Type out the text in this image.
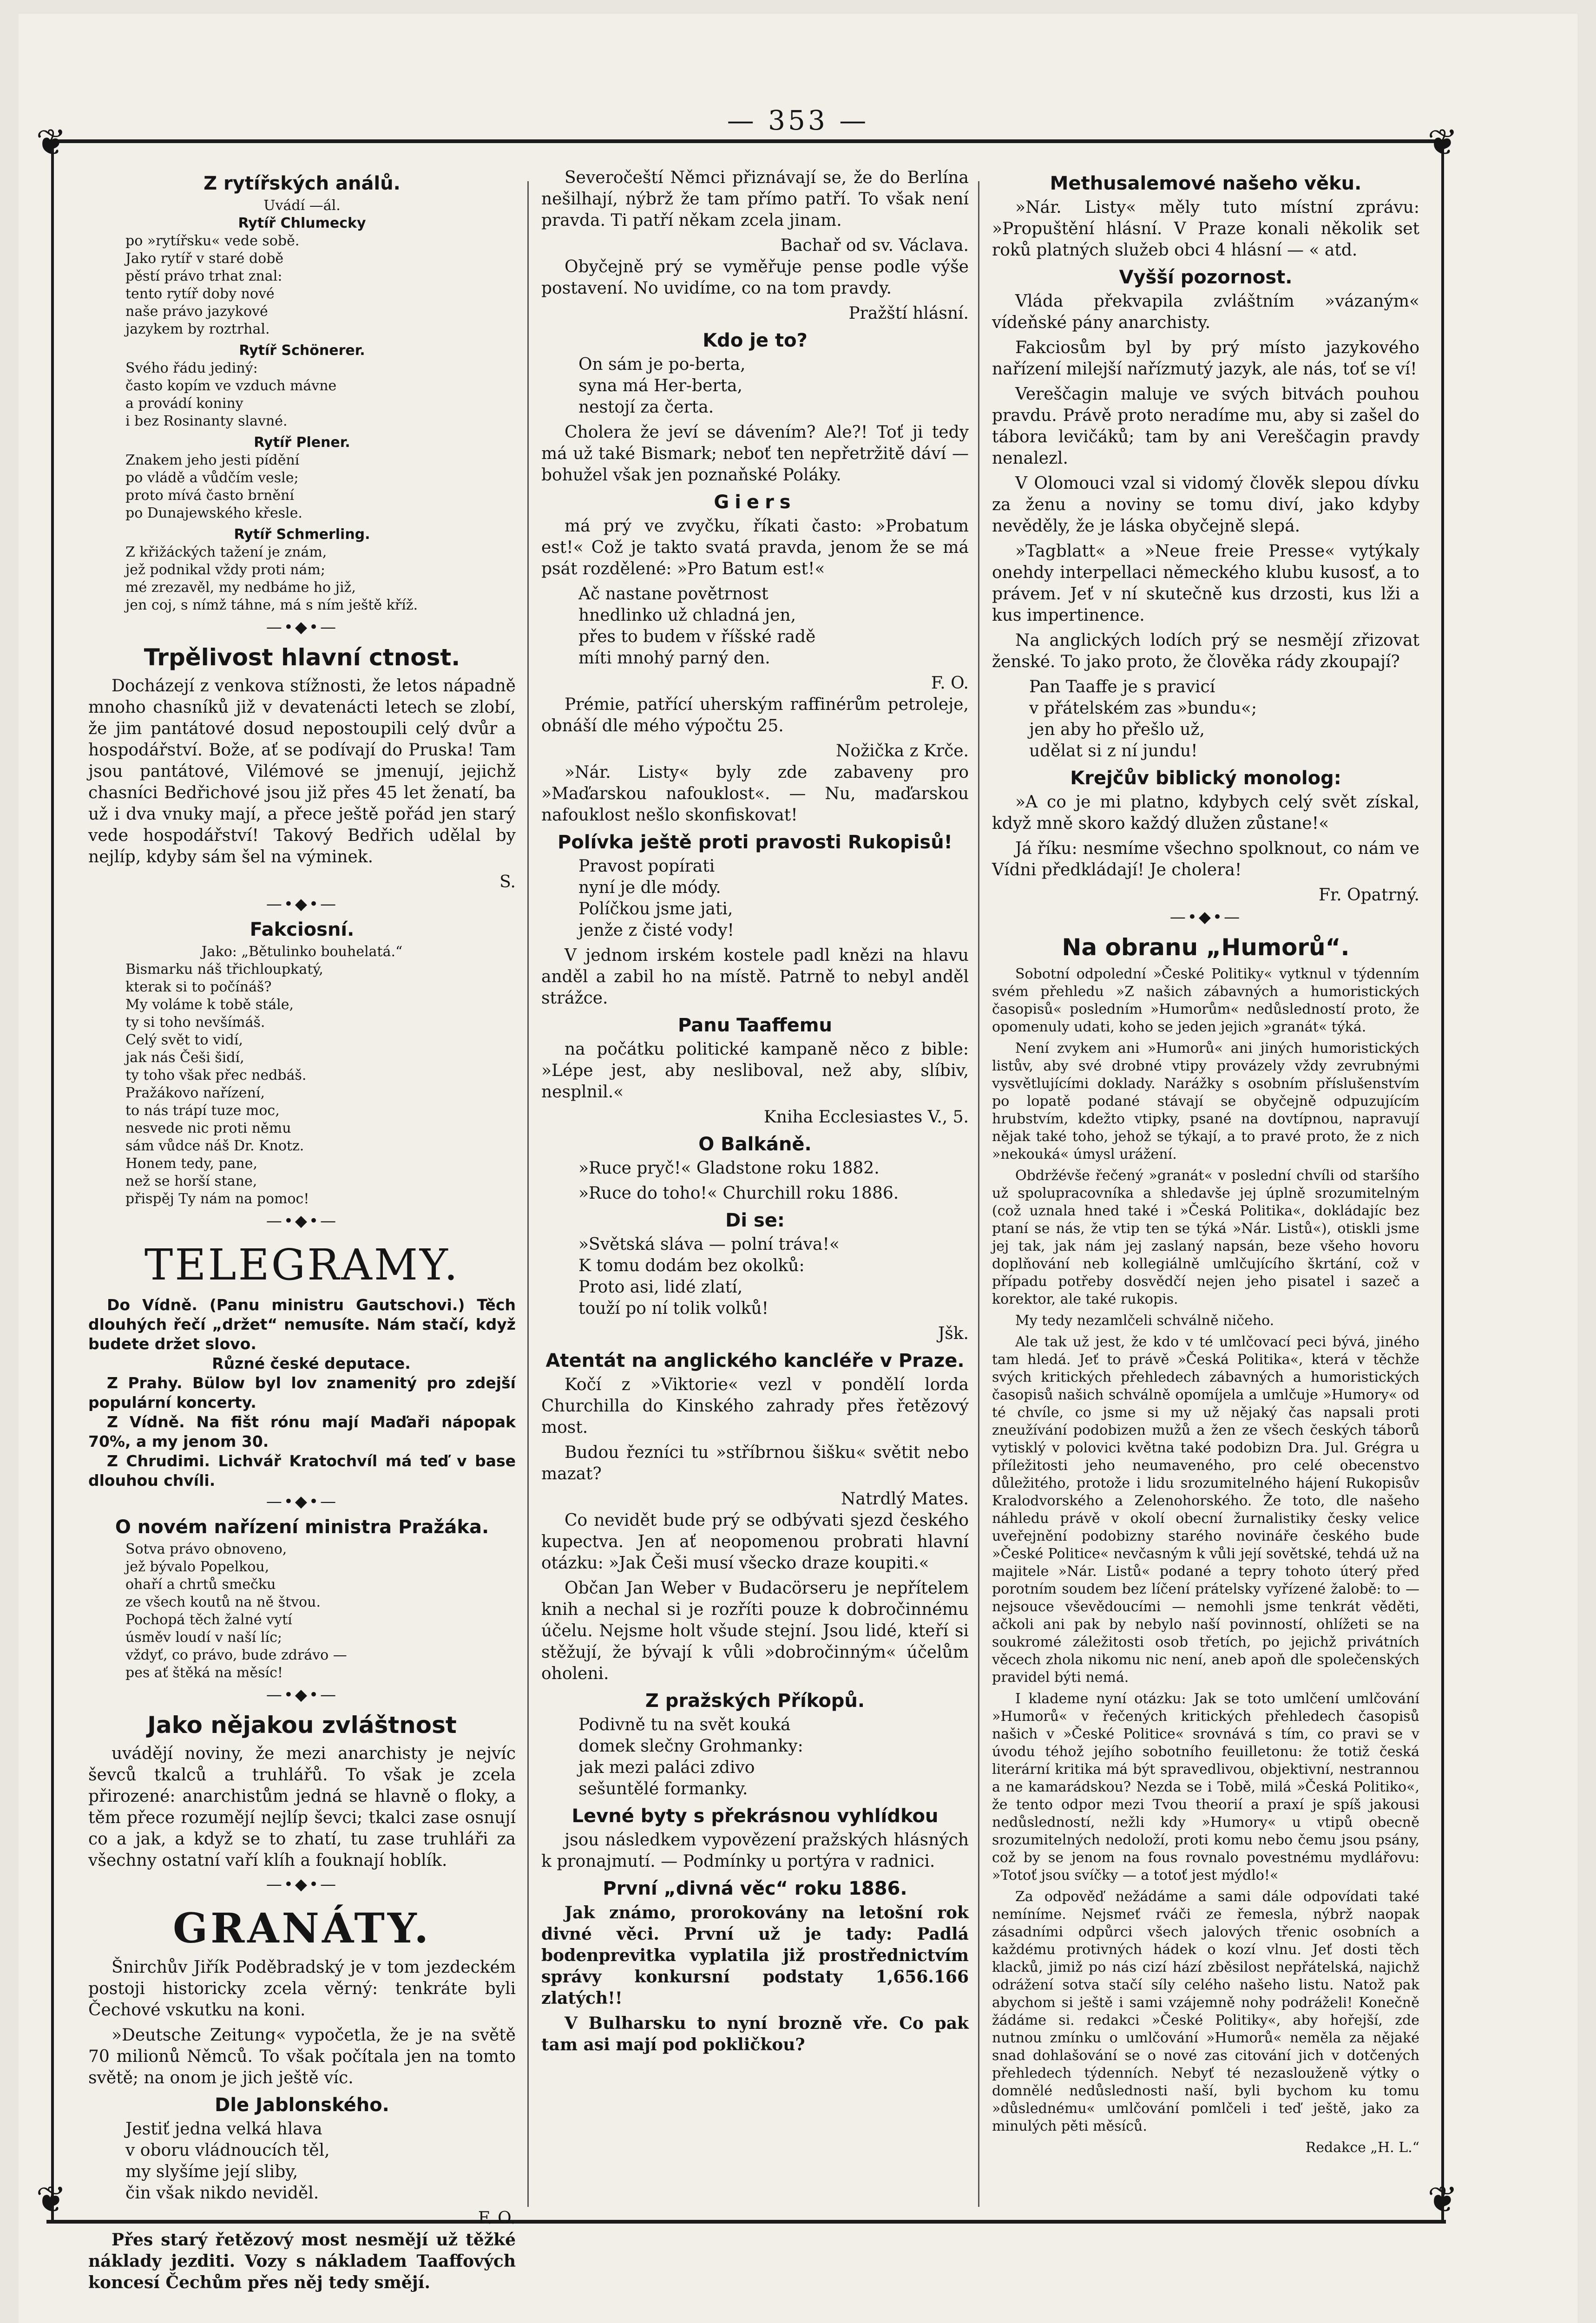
— 353 —
❦	❦
❦	❦
Z rytířských análů.
Uvádí —ál.
Rytíř Chlumecky
po »rytířsku« vede sobě.
Jako rytíř v staré době
pěstí právo trhat znal:
tento rytíř doby nové
naše právo jazykové
jazykem by roztrhal.
Rytíř Schönerer.
Svého řádu jediný:
často kopím ve vzduch mávne
a provádí koniny
i bez Rosinanty slavné.
Rytíř Plener.
Znakem jeho jesti pídění
po vládě a vůdčím vesle;
proto mívá často brnění
po Dunajewského křesle.
Rytíř Schmerling.
Z křižáckých tažení je znám,
jež podnikal vždy proti nám;
mé zrezavěl, my nedbáme ho již,
jen coj, s nímž táhne, má s ním ještě kříž.
—•◆•—
Trpělivost hlavní ctnost.

Docházejí z venkova stížnosti, že letos nápadně mnoho chasníků již v devatenácti letech se zlobí, že jim pantátové dosud nepostoupili celý dvůr a hospodářství. Bože, ať se podívají do Pruska! Tam jsou pantátové, Vilémové se jmenují, jejichž chasníci Bedřichové jsou již přes 45 let ženatí, ba už i dva vnuky mají, a přece ještě pořád jen starý vede hospodářství! Takový Bedřich udělal by nejlíp, kdyby sám šel na výminek.

S.
—•◆•—
Fakciosní.
Jako: „Bětulinko bouhelatá.“
Bismarku náš třichloupkatý,
kterak si to počínáš?
My voláme k tobě stále,
ty si toho nevšímáš.
Celý svět to vidí,
jak nás Češi šidí,
ty toho však přec nedbáš.
Pražákovo nařízení,
to nás trápí tuze moc,
nesvede nic proti němu
sám vůdce náš Dr. Knotz.
Honem tedy, pane,
než se horší stane,
přispěj Ty nám na pomoc!
—•◆•—
TELEGRAMY.

Do Vídně. (Panu ministru Gautschovi.) Těch dlouhých řečí „držet“ nemusíte. Nám stačí, když budete držet slovo.

Různé české deputace.

Z Prahy. Bülow byl lov znamenitý pro zdejší populární koncerty.

Z Vídně. Na fišt rónu mají Maďaři nápopak 70%, a my jenom 30.

Z Chrudimi. Lichvář Kratochvíl má teď v base dlouhou chvíli.

—•◆•—
O novém nařízení ministra Pražáka.
Sotva právo obnoveno,
jež bývalo Popelkou,
ohaří a chrtů smečku
ze všech koutů na ně štvou.
Pochopá těch žalné vytí
úsměv loudí v naší líc;
vždyť, co právo, bude zdrávo —
pes ať štěká na měsíc!
—•◆•—
Jako nějakou zvláštnost

uvádějí noviny, že mezi anarchisty je nejvíc ševců tkalců a truhlářů. To však je zcela přirozené: anarchistům jedná se hlavně o floky, a těm přece rozumějí nejlíp ševci; tkalci zase osnují co a jak, a když se to zhatí, tu zase truhláři za všechny ostatní vaří klíh a fouknají hoblík.

—•◆•—
GRANÁTY.

Šnirchův Jiřík Poděbradský je v tom jezdeckém postoji historicky zcela věrný: tenkráte byli Čechové vskutku na koni.

»Deutsche Zeitung« vypočetla, že je na světě 70 milionů Němců. To však počítala jen na tomto světě; na onom je jich ještě víc.

Dle Jablonského.
Jestiť jedna velká hlava
v oboru vládnoucích těl,
my slyšíme její sliby,
čin však nikdo neviděl.
F. O.

Přes starý řetězový most nesmějí už těžké náklady jezditi. Vozy s nákladem Taaffových koncesí Čechům přes něj tedy smějí.

Severočeští Němci přiznávají se, že do Berlína nešilhají, nýbrž že tam přímo patří. To však není pravda. Ti patří někam zcela jinam.

Bachař od sv. Václava.

Obyčejně prý se vyměřuje pense podle výše postavení. No uvidíme, co na tom pravdy.

Pražští hlásní.
Kdo je to?
On sám je po-berta,
syna má Her-berta,
nestojí za čerta.

Cholera že jeví se dávením? Ale?! Toť ji tedy má už také Bismark; neboť ten nepřetržitě dáví — bohužel však jen poznaňské Poláky.

Giers

má prý ve zvyčku, říkati často: »Probatum est!« Což je takto svatá pravda, jenom že se má psát rozdělené: »Pro Batum est!«

Ač nastane povětrnost
hnedlinko už chladná jen,
přes to budem v říšské radě
míti mnohý parný den.
F. O.

Prémie, patřící uherským raffinérům petroleje, obnáší dle mého výpočtu 25.

Nožička z Krče.

»Nár. Listy« byly zde zabaveny pro »Maďarskou nafouklost«. — Nu, maďarskou nafouklost nešlo skonfiskovat!

Polívka ještě proti pravosti Rukopisů!
Pravost popírati
nyní je dle módy.
Políčkou jsme jati,
jenže z čisté vody!

V jednom irském kostele padl knězi na hlavu anděl a zabil ho na místě. Patrně to nebyl anděl strážce.

Panu Taaffemu

na počátku politické kampaně něco z bible: »Lépe jest, aby nesliboval, než aby, slíbiv, nesplnil.«

Kniha Ecclesiastes V., 5.
O Balkáně.
»Ruce pryč!« Gladstone roku 1882.
»Ruce do toho!« Churchill roku 1886.
Di se:
»Světská sláva — polní tráva!«
K tomu dodám bez okolků:
Proto asi, lidé zlatí,
touží po ní tolik volků!
Jšk.
Atentát na anglického kancléře v Praze.

Kočí z »Viktorie« vezl v pondělí lorda Churchilla do Kinského zahrady přes řetězový most.

Budou řezníci tu »stříbrnou šišku« světit nebo mazat?

Natrdlý Mates.

Co nevidět bude prý se odbývati sjezd českého kupectva. Jen ať neopomenou probrati hlavní otázku: »Jak Češi musí všecko draze koupiti.«

Občan Jan Weber v Budacörseru je nepřítelem knih a nechal si je rozříti pouze k dobročinnému účelu. Nejsme holt všude stejní. Jsou lidé, kteří si stěžují, že bývají k vůli »dobročinným« účelům oholeni.

Z pražských Příkopů.
Podivně tu na svět kouká
domek slečny Grohmanky:
jak mezi paláci zdivo
sešuntělé formanky.
Levné byty s překrásnou vyhlídkou

jsou následkem vypovězení pražských hlásných k pronajmutí. — Podmínky u portýra v radnici.

První „divná věc“ roku 1886.

Jak známo, prorokovány na letošní rok divné věci. První už je tady: Padlá bodenprevitka vyplatila již prostřednictvím správy konkursní podstaty 1,656.166 zlatých!!

V Bulharsku to nyní brozně vře. Co pak tam asi mají pod pokličkou?

Methusalemové našeho věku.

»Nár. Listy« měly tuto místní zprávu: »Propuštění hlásní. V Praze konali několik set roků platných služeb obci 4 hlásní — « atd.

Vyšší pozornost.

Vláda překvapila zvláštním »vázaným« vídeňské pány anarchisty.

Fakciosům byl by prý místo jazykového nařízení milejší nařízmutý jazyk, ale nás, toť se ví!

Vereščagin maluje ve svých bitvách pouhou pravdu. Právě proto neradíme mu, aby si zašel do tábora levičáků; tam by ani Vereščagin pravdy nenalezl.

V Olomouci vzal si vidomý člověk slepou dívku za ženu a noviny se tomu diví, jako kdyby nevěděly, že je láska obyčejně slepá.

»Tagblatt« a »Neue freie Presse« vytýkaly onehdy interpellaci německého klubu kusosť, a to právem. Jeť v ní skutečně kus drzosti, kus lži a kus impertinence.

Na anglických lodích prý se nesmějí zřizovat ženské. To jako proto, že člověka rády zkoupají?

Pan Taaffe je s pravicí
v přátelském zas »bundu«;
jen aby ho přešlo už,
udělat si z ní jundu!
Krejčův biblický monolog:

»A co je mi platno, kdybych celý svět získal, když mně skoro každý dlužen zůstane!«

Já říku: nesmíme všechno spolknout, co nám ve Vídni předkládají! Je cholera!

Fr. Opatrný.
—•◆•—
Na obranu „Humorů“.

Sobotní odpolední »České Politiky« vytknul v týdenním svém přehledu »Z našich zábavných a humoristických časopisů« posledním »Humorům« nedůsledností proto, že opomenuly udati, koho se jeden jejich »granát« týká.

Není zvykem ani »Humorů« ani jiných humoristických listův, aby své drobné vtipy provázely vždy zevrubnými vysvětlujícími doklady. Narážky s osobním příslušenstvím po lopatě podané stávají se obyčejně odpuzujícím hrubstvím, kdežto vtipky, psané na dovtípnou, napravují nějak také toho, jehož se týkají, a to pravé proto, že z nich »nekouká« úmysl urážení.

Obdržévše řečený »granát« v poslední chvíli od staršího už spolupracovníka a shledavše jej úplně srozumitelným (což uznala hned také i »Česká Politika«, dokládajíc bez ptaní se nás, že vtip ten se týká »Nár. Listů«), otiskli jsme jej tak, jak nám jej zaslaný napsán, beze všeho hovoru doplňování neb kollegiálně umlčujícího škrtání, což v případu potřeby dosvědčí nejen jeho pisatel i sazeč a korektor, ale také rukopis.

My tedy nezamlčeli schválně ničeho.

Ale tak už jest, že kdo v té umlčovací peci bývá, jiného tam hledá. Jeť to právě »Česká Politika«, která v těchže svých kritických přehledech zábavných a humoristických časopisů našich schválně opomíjela a umlčuje »Humory« od té chvíle, co jsme si my už nějaký čas napsali proti zneužívání podobizen mužů a žen ze všech českých táborů vytisklý v polovici května také podobizn Dra. Jul. Grégra u příležitosti jeho neumaveného, pro celé obecenstvo důležitého, protože i lidu srozumitelného hájení Rukopisův Kralodvorského a Zelenohorského. Že toto, dle našeho náhledu právě v okolí obecní žurnalistiky česky velice uveřejnění podobizny starého novináře českého bude »České Politice« nevčasným k vůli její sovětské, tehdá už na majitele »Nár. Listů« podané a tepry tohoto úterý před porotním soudem bez líčení prátelsky vyřízené žalobě: to — nejsouce vševědoucími — nemohli jsme tenkrát věděti, ačkoli ani pak by nebylo naší povinností, ohlížeti se na soukromé záležitosti osob třetích, po jejichž privátních věcech zhola nikomu nic není, aneb apoň dle společenských pravidel býti nemá.

I klademe nyní otázku: Jak se toto umlčení umlčování »Humorů« v řečených kritických přehledech časopisů našich v »České Politice« srovnává s tím, co pravi se v úvodu téhož jejího sobotního feuilletonu: že totiž česká literární kritika má být spravedlivou, objektivní, nestrannou a ne kamarádskou? Nezda se i Tobě, milá »Česká Politiko«, že tento odpor mezi Tvou theorií a praxí je spíš jakousi nedůsledností, nežli kdy »Humory« u vtipů obecně srozumitelných nedoloží, proti komu nebo čemu jsou psány, což by se jenom na fous rovnalo povestnému mydlářovu: »Totoť jsou svíčky — a totoť jest mýdlo!«

Za odpověď nežádáme a sami dále odpovídati také nemíníme. Nejsmeť rváči ze řemesla, nýbrž naopak zásadními odpůrci všech jalových třenic osobních a každému protivných hádek o kozí vlnu. Jeť dosti těch klacků, jimiž po nás cizí hází zběsilost nepřátelská, najichž odrážení sotva stačí síly celého našeho listu. Natož pak abychom si ještě i sami vzájemně nohy podráželi! Konečně žádáme si. redakci »České Politiky«, aby hořejší, zde nutnou zmínku o umlčování »Humorů« neměla za nějaké snad dohlašování se o nové zas citování jich v dotčených přehledech týdenních. Nebyť té nezaslouženě výtky o domnělé nedůslednosti naší, byli bychom ku tomu »důslednému« umlčování pomlčeli i teď ještě, jako za minulých pěti měsíců.

Redakce „H. L.“
